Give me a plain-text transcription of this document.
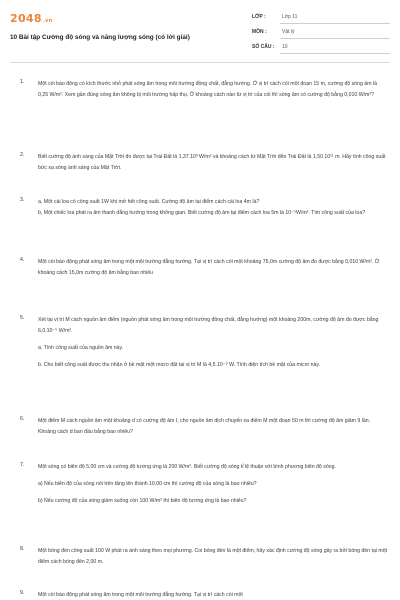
2048.vn
10 Bài tập Cường độ sóng và năng lượng sóng (có lời giải)
LỚP :	Lớp 11
MÔN :	Vật lý
SỐ CÂU : 10
1.	Một còi báo động có kích thước nhỏ phát sóng âm trong môi trường đồng chất, đẳng hướng. Ở vị trí cách còi một đoạn 15 m, cường độ sóng âm là 0,25 W/m². Xem gần đúng sóng âm không bị môi trường hấp thụ. Ở khoảng cách nào từ vị trí của còi thì sóng âm có cường độ bằng 0,010 W/m²?

2.	Biết cường độ ánh sáng của Mặt Trời đo được tại Trái Đất là 1,37.10³ W/m² và khoảng cách từ Mặt Trời đến Trái Đất là 1,50.10¹¹ m. Hãy tính công suất bức xạ sóng ánh sáng của Mặt Trời.

3.	a, Một cái loa có công suất 1W khi mở hết công suất. Cường độ âm tại điểm cách cái loa 4m là?

b, Một chiếc loa phát ra âm thanh đẳng hướng trong không gian. Biết cường độ âm tại điểm cách loa 5m là 10⁻⁵W/m². Tìm công suất của loa?

4.	Một còi báo động phát sóng âm trong một môi trường đẳng hướng. Tại vị trí cách còi một khoảng 75,0m cường độ âm đo được bằng 0,010 W/m². Ở khoảng cách 15,0m cường độ âm bằng bao nhiêu

5.	Xét tại vị trí M cách nguồn âm điểm (nguồn phát sóng âm trong môi trường đồng chất, đẳng hướng) một khoảng 200m, cường độ âm đo được bằng 6,0.10⁻⁵ W/m².

a. Tính công suất của nguồn âm này.

b. Cho biết công suất được thu nhận ở bề mặt một micro đặt tại vị trí M là 4,5.10⁻⁹ W. Tính diện tích bề mặt của micro này.

6.	Một điểm M cách nguồn âm một khoảng d có cường độ âm I, cho nguồn âm dịch chuyển xa điểm M một đoạn 50 m thì cường độ âm giảm 9 lần. Khoảng cách d ban đầu bằng bao nhiêu?

7.	Một sóng có biên độ 5,00 cm và cường độ tương ứng là 200 W/m². Biết cường độ sóng tỉ lệ thuận với bình phương biên độ sóng.

a) Nếu biên độ của sóng nói trên tăng lên thành 10,00 cm thì cường độ của sóng là bao nhiêu?

b) Nếu cường độ của sóng giảm xuống còn 100 W/m² thì biên độ tương ứng là bao nhiêu?

8.	Một bóng đèn công suất 100 W phát ra ánh sáng theo mọi phương. Coi bóng đèn là một điểm, hãy xác định cường độ sóng gây ra bởi bóng đèn tại một điểm cách bóng đèn 2,00 m.

9.	Một còi báo động phát sóng âm trong một môi trường đẳng hướng. Tại vị trí cách còi một
